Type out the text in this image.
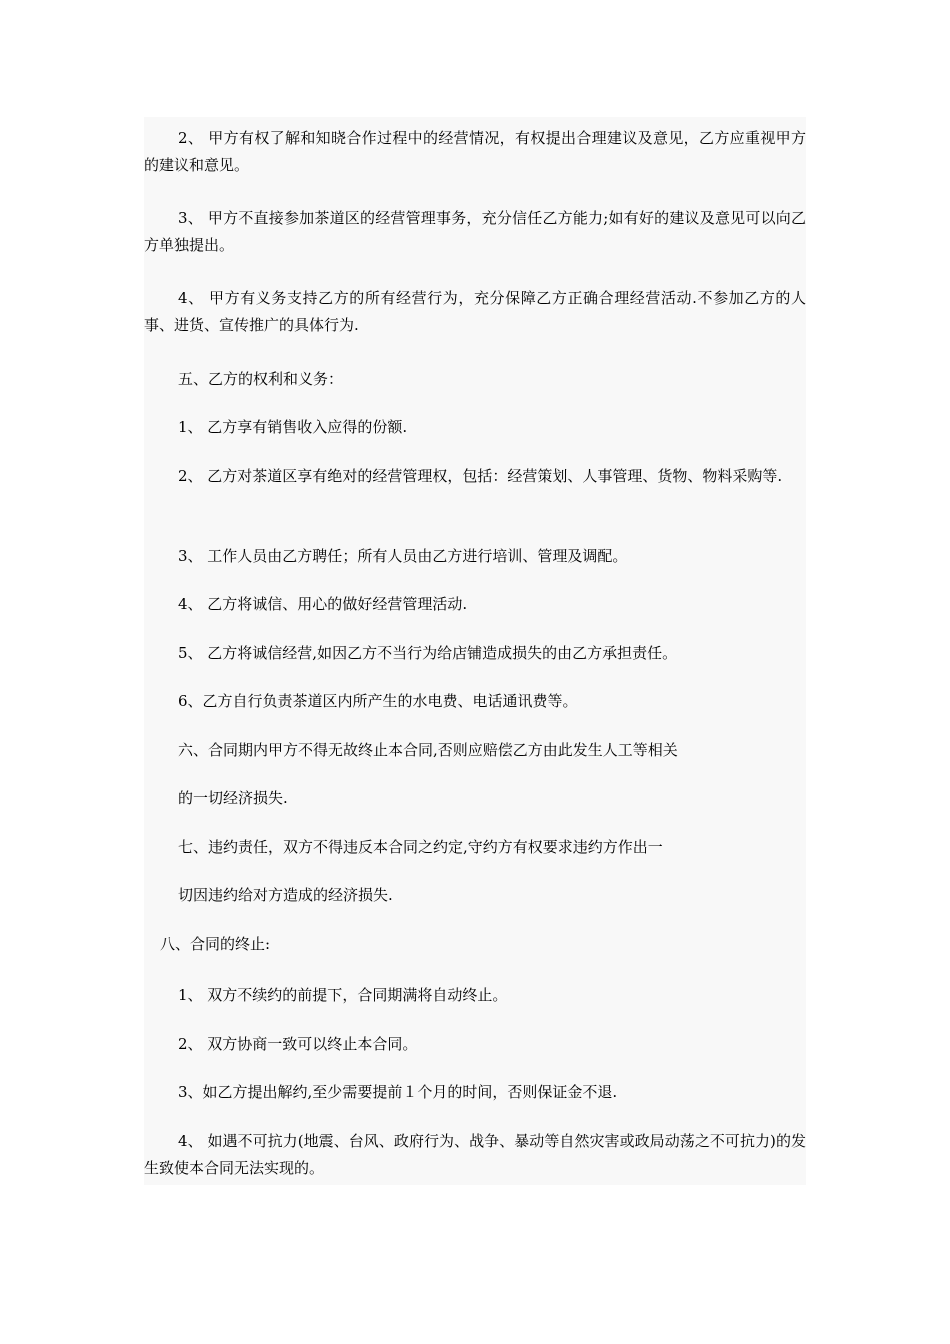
2、 甲方有权了解和知晓合作过程中的经营情况，有权提出合理建议及意见，乙方应重视甲方的建议和意见。

3、 甲方不直接参加茶道区的经营管理事务，充分信任乙方能力;如有好的建议及意见可以向乙方单独提出。

4、 甲方有义务支持乙方的所有经营行为，充分保障乙方正确合理经营活动.不参加乙方的人事、进货、宣传推广的具体行为.

五、乙方的权利和义务：

1、 乙方享有销售收入应得的份额.

2、 乙方对茶道区享有绝对的经营管理权，包括：经营策划、人事管理、货物、物料采购等.

3、 工作人员由乙方聘任；所有人员由乙方进行培训、管理及调配。

4、 乙方将诚信、用心的做好经营管理活动.

5、 乙方将诚信经营,如因乙方不当行为给店铺造成损失的由乙方承担责任。

6、乙方自行负责茶道区内所产生的水电费、电话通讯费等。

六、合同期内甲方不得无故终止本合同,否则应赔偿乙方由此发生人工等相关

的一切经济损失.

七、违约责任，双方不得违反本合同之约定,守约方有权要求违约方作出一

切因违约给对方造成的经济损失.

八、合同的终止:

1、 双方不续约的前提下，合同期满将自动终止。

2、 双方协商一致可以终止本合同。

3、如乙方提出解约,至少需要提前１个月的时间，否则保证金不退.

4、 如遇不可抗力(地震、台风、政府行为、战争、暴动等自然灾害或政局动荡之不可抗力)的发生致使本合同无法实现的。
